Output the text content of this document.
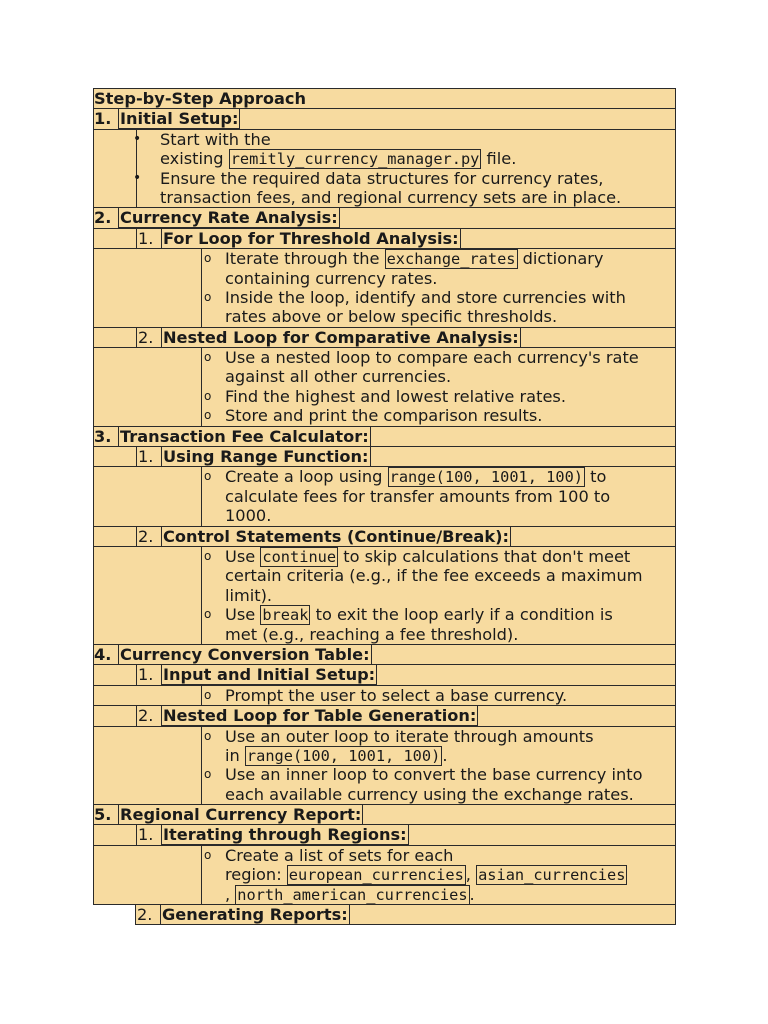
Step-by-Step Approach
1. Initial Setup:
• Start with the
existing remitly_currency_manager.py file.
• Ensure the required data structures for currency rates,
transaction fees, and regional currency sets are in place.
2. Currency Rate Analysis:
1. For Loop for Threshold Analysis:
o Iterate through the exchange_rates dictionary
containing currency rates.
o Inside the loop, identify and store currencies with
rates above or below specific thresholds.
2. Nested Loop for Comparative Analysis:
o Use a nested loop to compare each currency's rate
against all other currencies.
o Find the highest and lowest relative rates.
o Store and print the comparison results.
3. Transaction Fee Calculator:
1. Using Range Function:
o Create a loop using range(100, 1001, 100) to
calculate fees for transfer amounts from 100 to
1000.
2. Control Statements (Continue/Break):
o Use continue to skip calculations that don't meet
certain criteria (e.g., if the fee exceeds a maximum
limit).
o Use break to exit the loop early if a condition is
met (e.g., reaching a fee threshold).
4. Currency Conversion Table:
1. Input and Initial Setup:
o Prompt the user to select a base currency.
2. Nested Loop for Table Generation:
o Use an outer loop to iterate through amounts
in range(100, 1001, 100) .
o Use an inner loop to convert the base currency into
each available currency using the exchange rates.
5. Regional Currency Report:
1. Iterating through Regions:
o Create a list of sets for each
region: european_currencies , asian_currencies
, north_american_currencies .
2. Generating Reports:
